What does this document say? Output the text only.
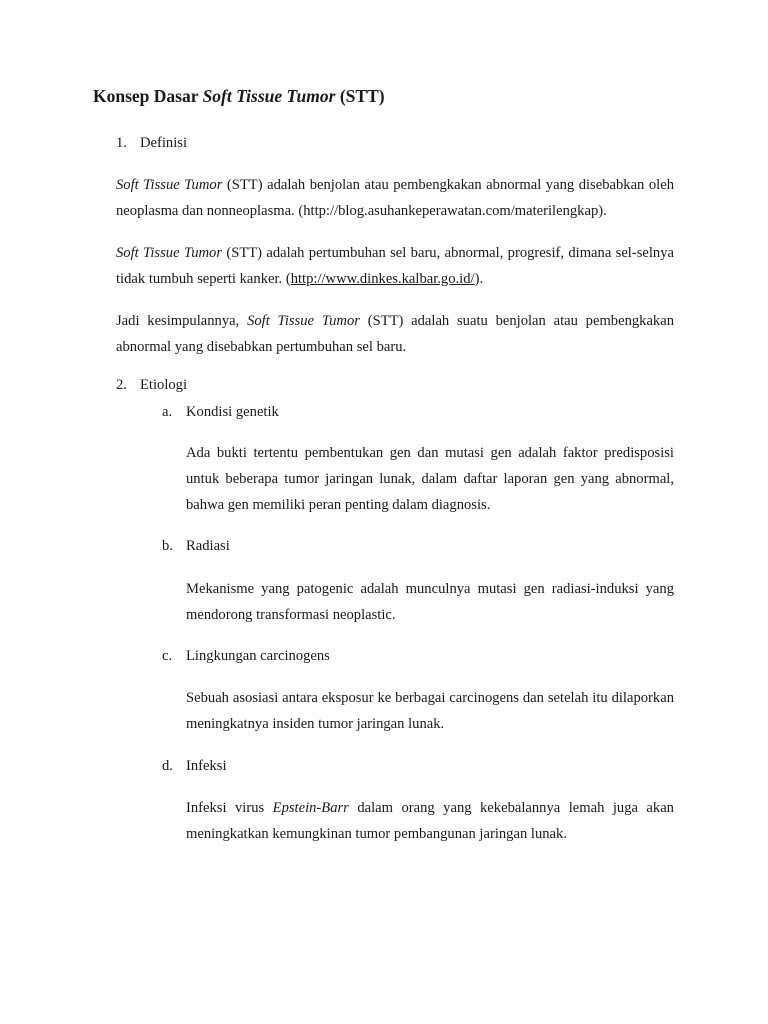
Konsep Dasar Soft Tissue Tumor (STT)
1. Definisi
Soft Tissue Tumor (STT) adalah benjolan atau pembengkakan abnormal yang disebabkan oleh neoplasma dan nonneoplasma. (http://blog.asuhankeperawatan.com/materilengkap).
Soft Tissue Tumor (STT) adalah pertumbuhan sel baru, abnormal, progresif, dimana sel-selnya tidak tumbuh seperti kanker. (http://www.dinkes.kalbar.go.id/).
Jadi kesimpulannya, Soft Tissue Tumor (STT) adalah suatu benjolan atau pembengkakan abnormal yang disebabkan pertumbuhan sel baru.
2. Etiologi
a. Kondisi genetik
Ada bukti tertentu pembentukan gen dan mutasi gen adalah faktor predisposisi untuk beberapa tumor jaringan lunak, dalam daftar laporan gen yang abnormal, bahwa gen memiliki peran penting dalam diagnosis.
b. Radiasi
Mekanisme yang patogenic adalah munculnya mutasi gen radiasi-induksi yang mendorong transformasi neoplastic.
c. Lingkungan carcinogens
Sebuah asosiasi antara eksposur ke berbagai carcinogens dan setelah itu dilaporkan meningkatnya insiden tumor jaringan lunak.
d. Infeksi
Infeksi virus Epstein-Barr dalam orang yang kekebalannya lemah juga akan meningkatkan kemungkinan tumor pembangunan jaringan lunak.
